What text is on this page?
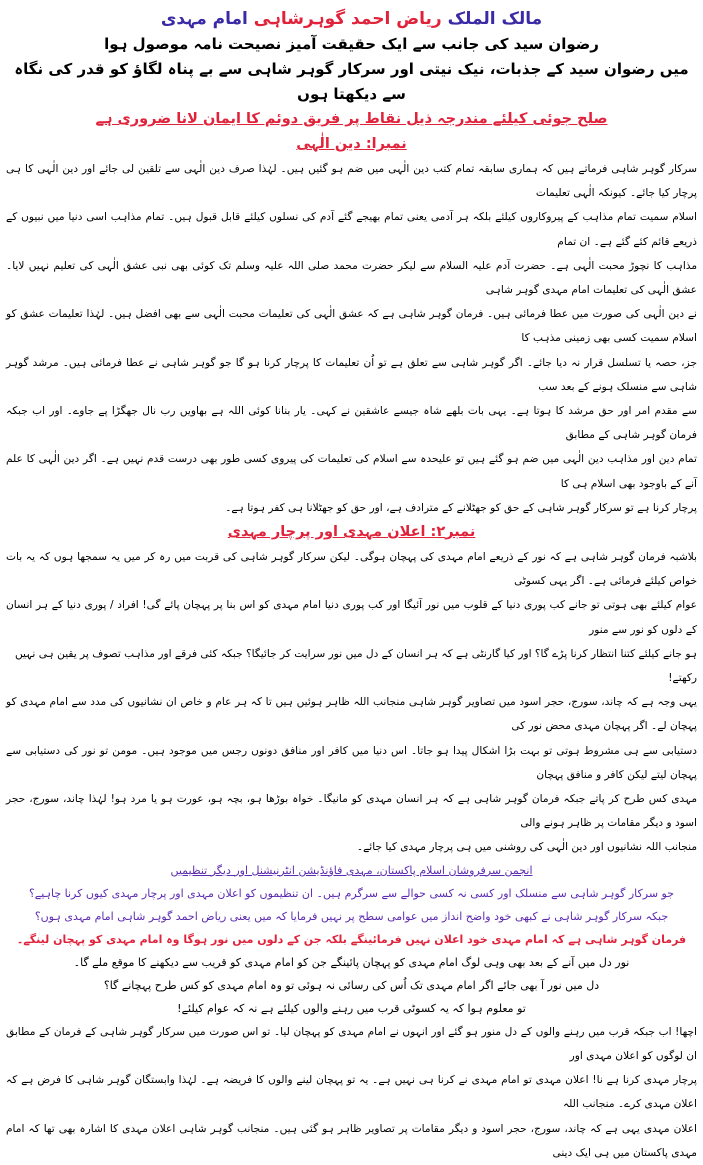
مالک الملک ریاض احمد گوہرشاہی امام مہدی

رضوان سید کی جانب سے ایک حقیقت آمیز نصیحت نامہ موصول ہوا

میں رضوان سید کے جذبات، نیک نیتی اور سرکار گوہر شاہی سے بے پناہ لگاؤ کو قدر کی نگاہ سے دیکھتا ہوں

صلح جوئی کیلئے مندرجہ ذیل نقاط پر فریق دوئم کا ایمان لانا ضروری ہے

نمبرا: دین الٰہی

سرکار گوہر شاہی فرماتے ہیں کہ ہماری سابقہ تمام کتب دین الٰہی میں ضم ہو گئیں ہیں۔ لہٰذا صرف دین الٰہی سے تلقین لی جائے اور دین الٰہی کا ہی پرچار کیا جائے۔ کیونکہ الٰہی تعلیمات

اسلام سمیت تمام مذاہب کے پیروکاروں کیلئے بلکہ ہر آدمی یعنی تمام بھیجے گئے آدم کی نسلوں کیلئے قابل قبول ہیں۔ تمام مذاہب اسی دنیا میں نبیوں کے ذریعے قائم کئے گئے ہے۔ ان تمام

مذاہب کا نچوڑ محبت الٰہی ہے۔ حضرت آدم علیہ السلام سے لیکر حضرت محمد صلی اللہ علیہ وسلم تک کوئی بھی نبی عشق الٰہی کی تعلیم نہیں لایا۔ عشق الٰہی کی تعلیمات امام مہدی گوہر شاہی

نے دین الٰہی کی صورت میں عطا فرمائی ہیں۔ فرمان گوہر شاہی ہے کہ عشق الٰہی کی تعلیمات محبت الٰہی سے بھی افضل ہیں۔ لہٰذا تعلیمات عشق کو اسلام سمیت کسی بھی زمینی مذہب کا

جز، حصہ یا تسلسل قرار نہ دیا جائے۔ اگر گوہر شاہی سے تعلق ہے تو اُن تعلیمات کا پرچار کرنا ہو گا جو گوہر شاہی نے عطا فرمائی ہیں۔ مرشد گوہر شاہی سے منسلک ہونے کے بعد سب

سے مقدم امر اور حق مرشد کا ہوتا ہے۔ یہی بات بلھے شاہ جیسے عاشقین نے کہی۔ یار بنانا کوئی اللہ ہے بھاویں رب نال جھگڑا پے جاوے۔ اور اب جبکہ فرمان گوہر شاہی کے مطابق

تمام دین اور مذاہب دین الٰہی میں ضم ہو گئے ہیں تو علیحدہ سے اسلام کی تعلیمات کی پیروی کسی طور بھی درست قدم نہیں ہے۔ اگر دین الٰہی کا علم آنے کے باوجود بھی اسلام ہی کا

پرچار کرنا ہے تو سرکار گوہر شاہی کے حق کو جھٹلانے کے مترادف ہے، اور حق کو جھٹلانا ہی کفر ہوتا ہے۔

نمبر۲: اعلان مہدی اور پرچار مہدی

بلاشبہ فرمان گوہر شاہی ہے کہ نور کے ذریعے امام مہدی کی پہچان ہوگی۔ لیکن سرکار گوہر شاہی کی قربت میں رہ کر میں یہ سمجھا ہوں کہ یہ بات خواص کیلئے فرمائی ہے۔ اگر یہی کسوٹی

عوام کیلئے بھی ہوتی تو جانے کب پوری دنیا کے قلوب میں نور آئیگا اور کب پوری دنیا امام مہدی کو اس بنا پر پہچان پائے گی! افراد / پوری دنیا کے ہر انسان کے دلوں کو نور سے منور

ہو جانے کیلئے کتنا انتظار کرنا پڑے گا؟ اور کیا گارنٹی ہے کہ ہر انسان کے دل میں نور سرایت کر جائیگا؟ جبکہ کئی فرقے اور مذاہب تصوف پر یقین ہی نہیں رکھتے!

یہی وجہ ہے کہ چاند، سورج، حجر اسود میں تصاویر گوہر شاہی منجانب اللہ ظاہر ہوئیں ہیں تا کہ ہر عام و خاص ان نشانیوں کی مدد سے امام مہدی کو پہچان لے۔ اگر پہچان مہدی محض نور کی

دستیابی سے ہی مشروط ہوتی تو بہت بڑا اشکال پیدا ہو جاتا۔ اس دنیا میں کافر اور منافق دونوں رجس میں موجود ہیں۔ مومن تو نور کی دستیابی سے پہچان لیتے لیکن کافر و منافق پہچان

مہدی کس طرح کر پاتے جبکہ فرمان گوہر شاہی ہے کہ ہر انسان مہدی کو مانیگا۔ خواہ بوڑھا ہو، بچہ ہو، عورت ہو یا مرد ہو! لہٰذا چاند، سورج، حجر اسود و دیگر مقامات پر ظاہر ہونے والی

منجانب اللہ نشانیوں اور دین الٰہی کی روشنی میں ہی پرچار مہدی کیا جائے۔

انجمن سرفروشان اسلام پاکستان، مہدی فاؤنڈیشن انٹرنیشنل اور دیگر تنظیمیں

جو سرکار گوہر شاہی سے منسلک اور کسی نہ کسی حوالے سے سرگرم ہیں۔ ان تنظیموں کو اعلان مہدی اور پرچار مہدی کیوں کرنا چاہیے؟

جبکہ سرکار گوہر شاہی نے کبھی خود واضح انداز میں عوامی سطح پر نہیں فرمایا کہ میں یعنی ریاض احمد گوہر شاہی امام مہدی ہوں؟

فرمان گوہر شاہی ہے کہ امام مہدی خود اعلان نہیں فرمائینگے بلکہ جن کے دلوں میں نور ہوگا وہ امام مہدی کو پہچان لینگے۔

نور دل میں آنے کے بعد بھی وہی لوگ امام مہدی کو پہچان پائینگے جن کو امام مہدی کو قریب سے دیکھنے کا موقع ملے گا۔

دل میں نور آ بھی جائے اگر امام مہدی تک اُس کی رسائی نہ ہوئی تو وہ امام مہدی کو کس طرح پہچانے گا؟

تو معلوم ہوا کہ یہ کسوٹی قرب میں رہنے والوں کیلئے ہے نہ کہ عوام کیلئے!

اچھا! اب جبکہ قرب میں رہنے والوں کے دل منور ہو گئے اور انہوں نے امام مہدی کو پہچان لیا۔ تو اس صورت میں سرکار گوہر شاہی کے فرمان کے مطابق ان لوگوں کو اعلان مہدی اور

پرچار مہدی کرنا ہے نا! اعلان مہدی تو امام مہدی نے کرنا ہی نہیں ہے۔ یہ تو پہچان لینے والوں کا فریضہ ہے۔ لہٰذا وابستگان گوہر شاہی کا فرض ہے کہ اعلان مہدی کرے۔ منجانب اللہ

اعلان مہدی یہی ہے کہ چاند، سورج، حجر اسود و دیگر مقامات پر تصاویر ظاہر ہو گئی ہیں۔ منجانب گوہر شاہی اعلان مہدی کا اشارہ بھی تھا کہ امام مہدی پاکستان میں ہی ایک دینی
